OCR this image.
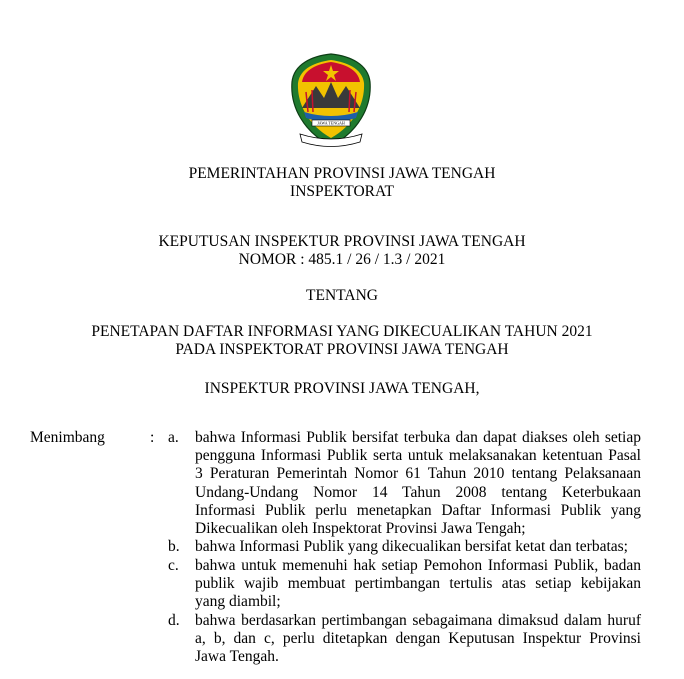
JAWA TENGAH
PEMERINTAHAN PROVINSI JAWA TENGAH
INSPEKTORAT
KEPUTUSAN INSPEKTUR PROVINSI JAWA TENGAH
NOMOR : 485.1 / 26 / 1.3 / 2021
TENTANG
PENETAPAN DAFTAR INFORMASI YANG DIKECUALIKAN TAHUN 2021
PADA INSPEKTORAT PROVINSI JAWA TENGAH
INSPEKTUR PROVINSI JAWA TENGAH,
Menimbang	: a. bahwa Informasi Publik bersifat terbuka dan dapat diakses oleh setiap
pengguna Informasi Publik serta untuk melaksanakan ketentuan Pasal
3 Peraturan Pemerintah Nomor 61 Tahun 2010 tentang Pelaksanaan
Undang-Undang Nomor 14 Tahun 2008 tentang Keterbukaan
Informasi Publik perlu menetapkan Daftar Informasi Publik yang
Dikecualikan oleh Inspektorat Provinsi Jawa Tengah;
b. bahwa Informasi Publik yang dikecualikan bersifat ketat dan terbatas;
c. bahwa untuk memenuhi hak setiap Pemohon Informasi Publik, badan
publik wajib membuat pertimbangan tertulis atas setiap kebijakan
yang diambil;
d. bahwa berdasarkan pertimbangan sebagaimana dimaksud dalam huruf
a, b, dan c, perlu ditetapkan dengan Keputusan Inspektur Provinsi
Jawa Tengah.
